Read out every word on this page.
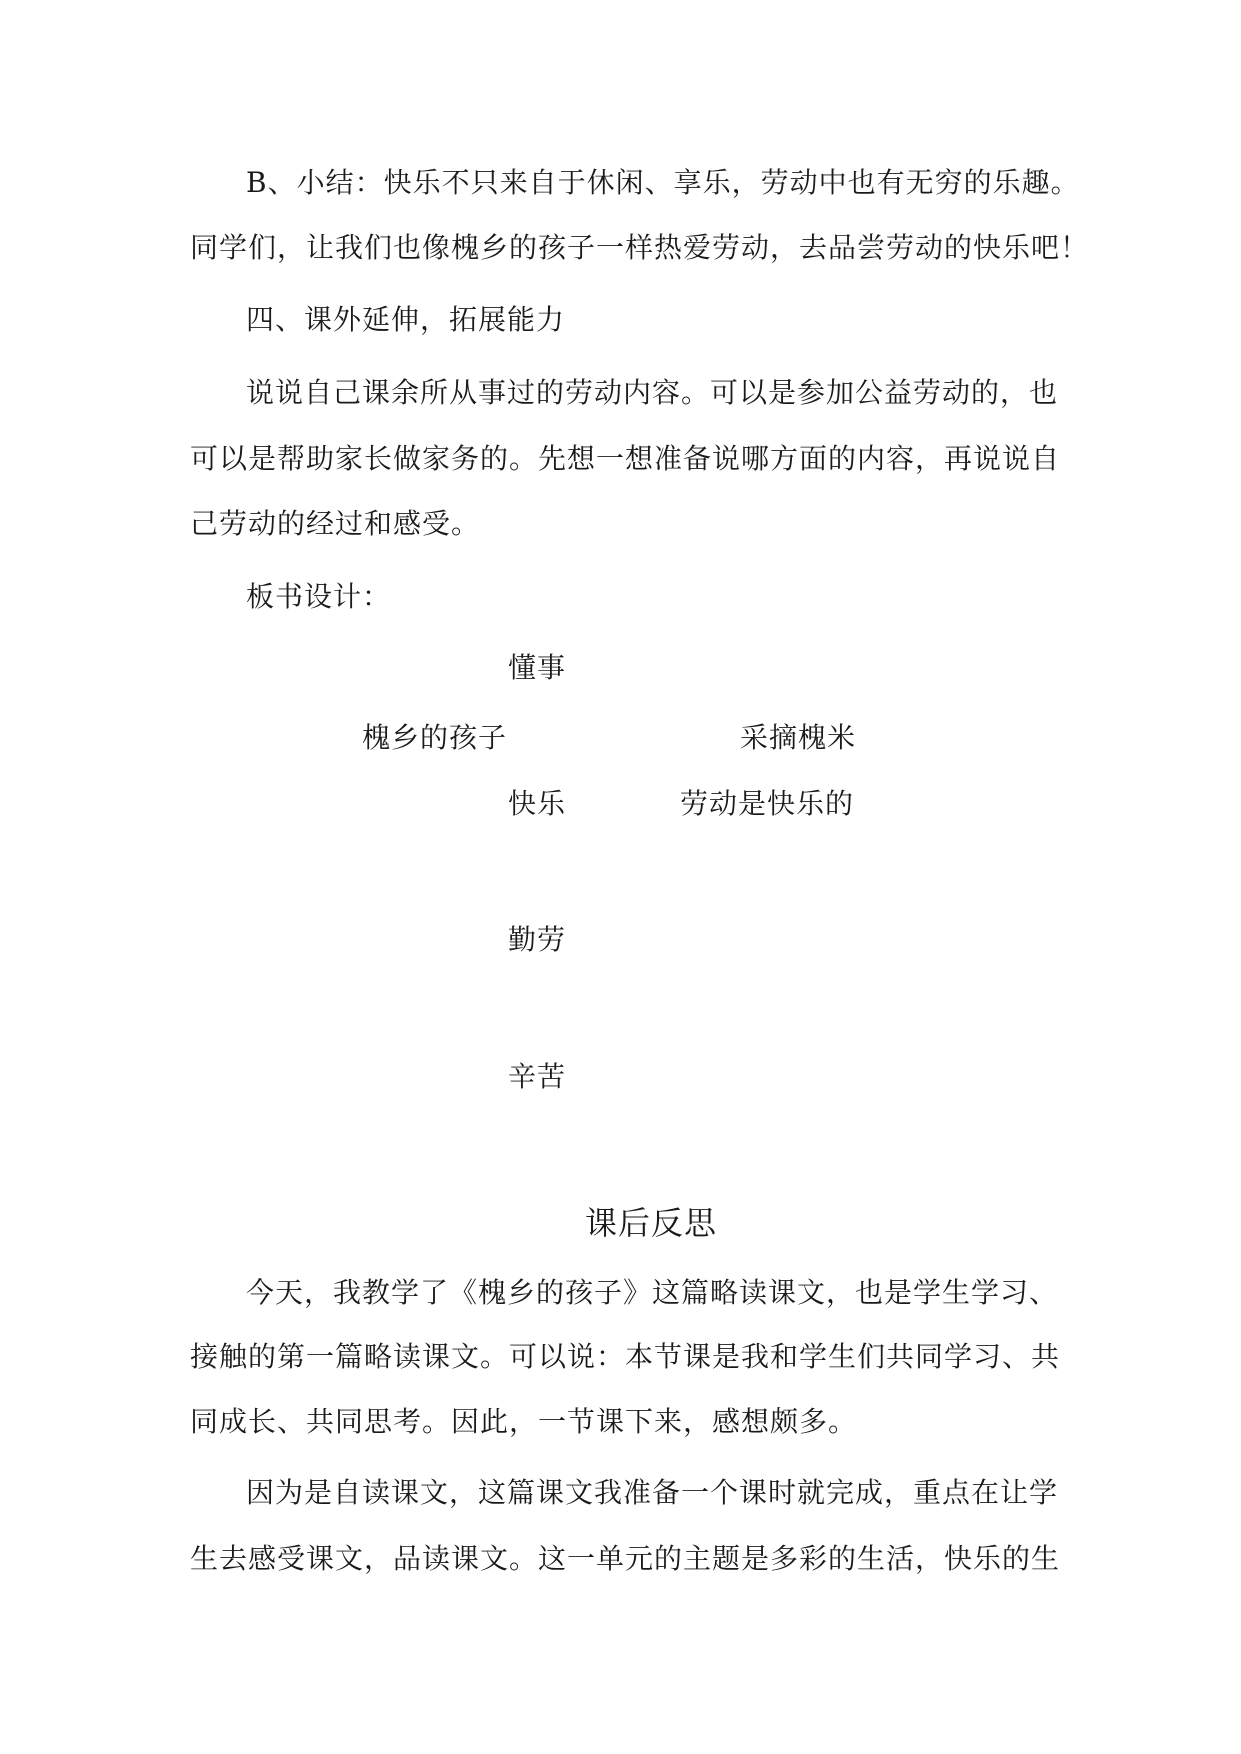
B、小结：快乐不只来自于休闲、享乐，劳动中也有无穷的乐趣。
同学们，让我们也像槐乡的孩子一样热爱劳动，去品尝劳动的快乐吧！
四、课外延伸，拓展能力
说说自己课余所从事过的劳动内容。可以是参加公益劳动的，也
可以是帮助家长做家务的。先想一想准备说哪方面的内容，再说说自
己劳动的经过和感受。
板书设计：
懂事
槐乡的孩子	采摘槐米
快乐	劳动是快乐的
勤劳
辛苦
课后反思
今天，我教学了《槐乡的孩子》这篇略读课文，也是学生学习、
接触的第一篇略读课文。可以说：本节课是我和学生们共同学习、共
同成长、共同思考。因此，一节课下来，感想颇多。
因为是自读课文，这篇课文我准备一个课时就完成，重点在让学
生去感受课文，品读课文。这一单元的主题是多彩的生活，快乐的生
